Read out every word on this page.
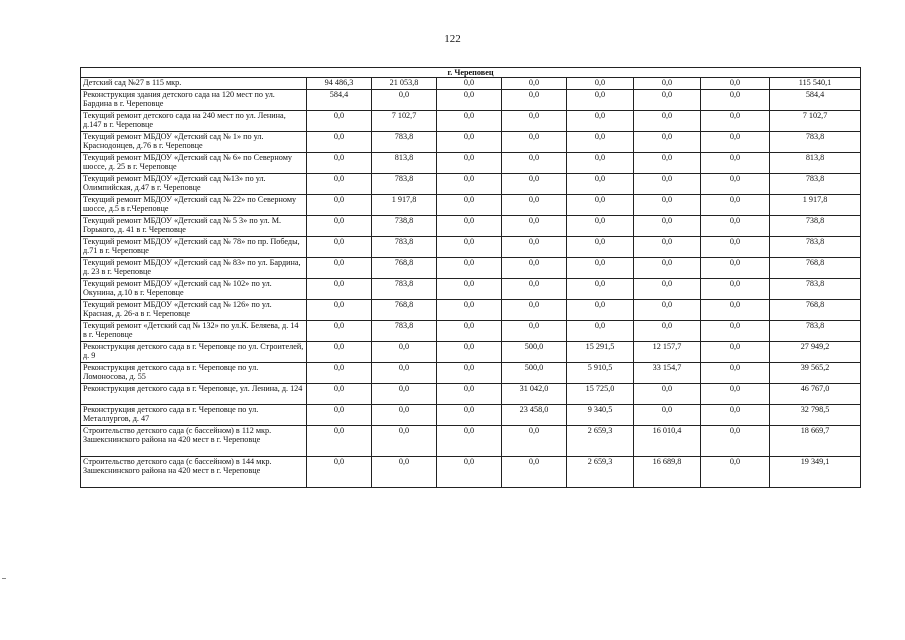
122
г. Череповец								
Детский сад №27 в 115 мкр.	94 486,3	21 053,8	0,0	0,0	0,0	0,0	0,0	115 540,1
Реконструкция здания детского сада на 120 мест по ул. Бардина в г. Череповце	584,4	0,0	0,0	0,0	0,0	0,0	0,0	584,4
Текущий ремонт детского сада на 240 мест по ул. Ленина, д.147 в г. Череповце	0,0	7 102,7	0,0	0,0	0,0	0,0	0,0	7 102,7
Текущий ремонт МБДОУ «Детский сад № 1» по ул. Краснодонцев, д.76 в г. Череповце	0,0	783,8	0,0	0,0	0,0	0,0	0,0	783,8
Текущий ремонт МБДОУ «Детский сад № 6» по Северному шоссе, д. 25 в г. Череповце	0,0	813,8	0,0	0,0	0,0	0,0	0,0	813,8
Текущий ремонт МБДОУ «Детский сад №13» по ул. Олимпийская, д.47 в г. Череповце	0,0	783,8	0,0	0,0	0,0	0,0	0,0	783,8
Текущий ремонт МБДОУ «Детский сад № 22» по Северному шоссе, д.5 в г.Череповце	0,0	1 917,8	0,0	0,0	0,0	0,0	0,0	1 917,8
Текущий ремонт МБДОУ «Детский сад № 5 3» по ул. М. Горького, д. 41 в г. Череповце	0,0	738,8	0,0	0,0	0,0	0,0	0,0	738,8
Текущий ремонт МБДОУ «Детский сад № 78» по пр. Победы, д.71 в г. Череповце	0,0	783,8	0,0	0,0	0,0	0,0	0,0	783,8
Текущий ремонт МБДОУ «Детский сад № 83» по ул. Бардина, д. 23 в г. Череповце	0,0	768,8	0,0	0,0	0,0	0,0	0,0	768,8
Текущий ремонт МБДОУ «Детский сад № 102» по ул. Окунина, д.10 в г. Череповце	0,0	783,8	0,0	0,0	0,0	0,0	0,0	783,8
Текущий ремонт МБДОУ «Детский сад № 126» по ул. Красная, д. 26-а в г. Череповце	0,0	768,8	0,0	0,0	0,0	0,0	0,0	768,8
Текущий ремонт «Детский сад № 132» по ул.К. Беляева, д. 14 в г. Череповце	0,0	783,8	0,0	0,0	0,0	0,0	0,0	783,8
Реконструкция детского сада в г. Череповце по ул. Строителей, д. 9	0,0	0,0	0,0	500,0	15 291,5	12 157,7	0,0	27 949,2
Реконструкция детского сада в г. Череповце по ул. Ломоносова, д. 55	0,0	0,0	0,0	500,0	5 910,5	33 154,7	0,0	39 565,2
Реконструкция детского сада в г. Череповце, ул. Ленина, д. 124	0,0	0,0	0,0	31 042,0	15 725,0	0,0	0,0	46 767,0
Реконструкция детского сада в г. Череповце по ул. Металлургов, д. 47	0,0	0,0	0,0	23 458,0	9 340,5	0,0	0,0	32 798,5
Строительство детского сада (с бассейном) в 112 мкр. Зашекснинского района на 420 мест в г. Череповце	0,0	0,0	0,0	0,0	2 659,3	16 010,4	0,0	18 669,7
Строительство детского сада (с бассейном) в 144 мкр. Зашекснинского района на 420 мест в г. Череповце	0,0	0,0	0,0	0,0	2 659,3	16 689,8	0,0	19 349,1
